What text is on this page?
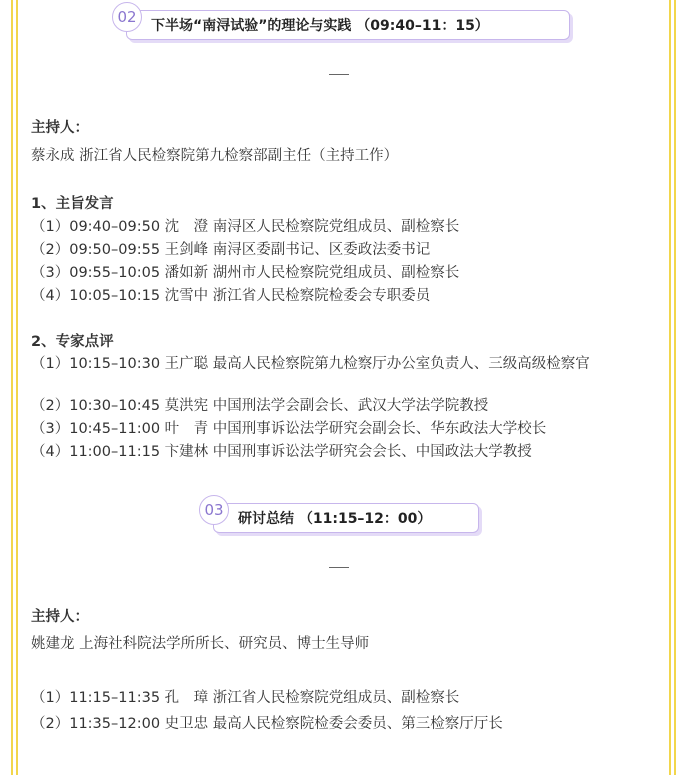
02	下半场“南浔试验”的理论与实践 （09:40–11：15）
主持人：
蔡永成 浙江省人民检察院第九检察部副主任（主持工作）
1、主旨发言
（1）09:40–09:50 沈　澄 南浔区人民检察院党组成员、副检察长
（2）09:50–09:55 王剑峰 南浔区委副书记、区委政法委书记
（3）09:55–10:05 潘如新 湖州市人民检察院党组成员、副检察长
（4）10:05–10:15 沈雪中 浙江省人民检察院检委会专职委员
2、专家点评
（1）10:15–10:30 王广聪 最高人民检察院第九检察厅办公室负责人、三级高级检察官
（2）10:30–10:45 莫洪宪 中国刑法学会副会长、武汉大学法学院教授
（3）10:45–11:00 叶　青 中国刑事诉讼法学研究会副会长、华东政法大学校长
（4）11:00–11:15 卞建林 中国刑事诉讼法学研究会会长、中国政法大学教授
03	研讨总结 （11:15–12：00）
主持人：
姚建龙 上海社科院法学所所长、研究员、博士生导师
（1）11:15–11:35 孔　璋 浙江省人民检察院党组成员、副检察长
（2）11:35–12:00 史卫忠 最高人民检察院检委会委员、第三检察厅厅长
